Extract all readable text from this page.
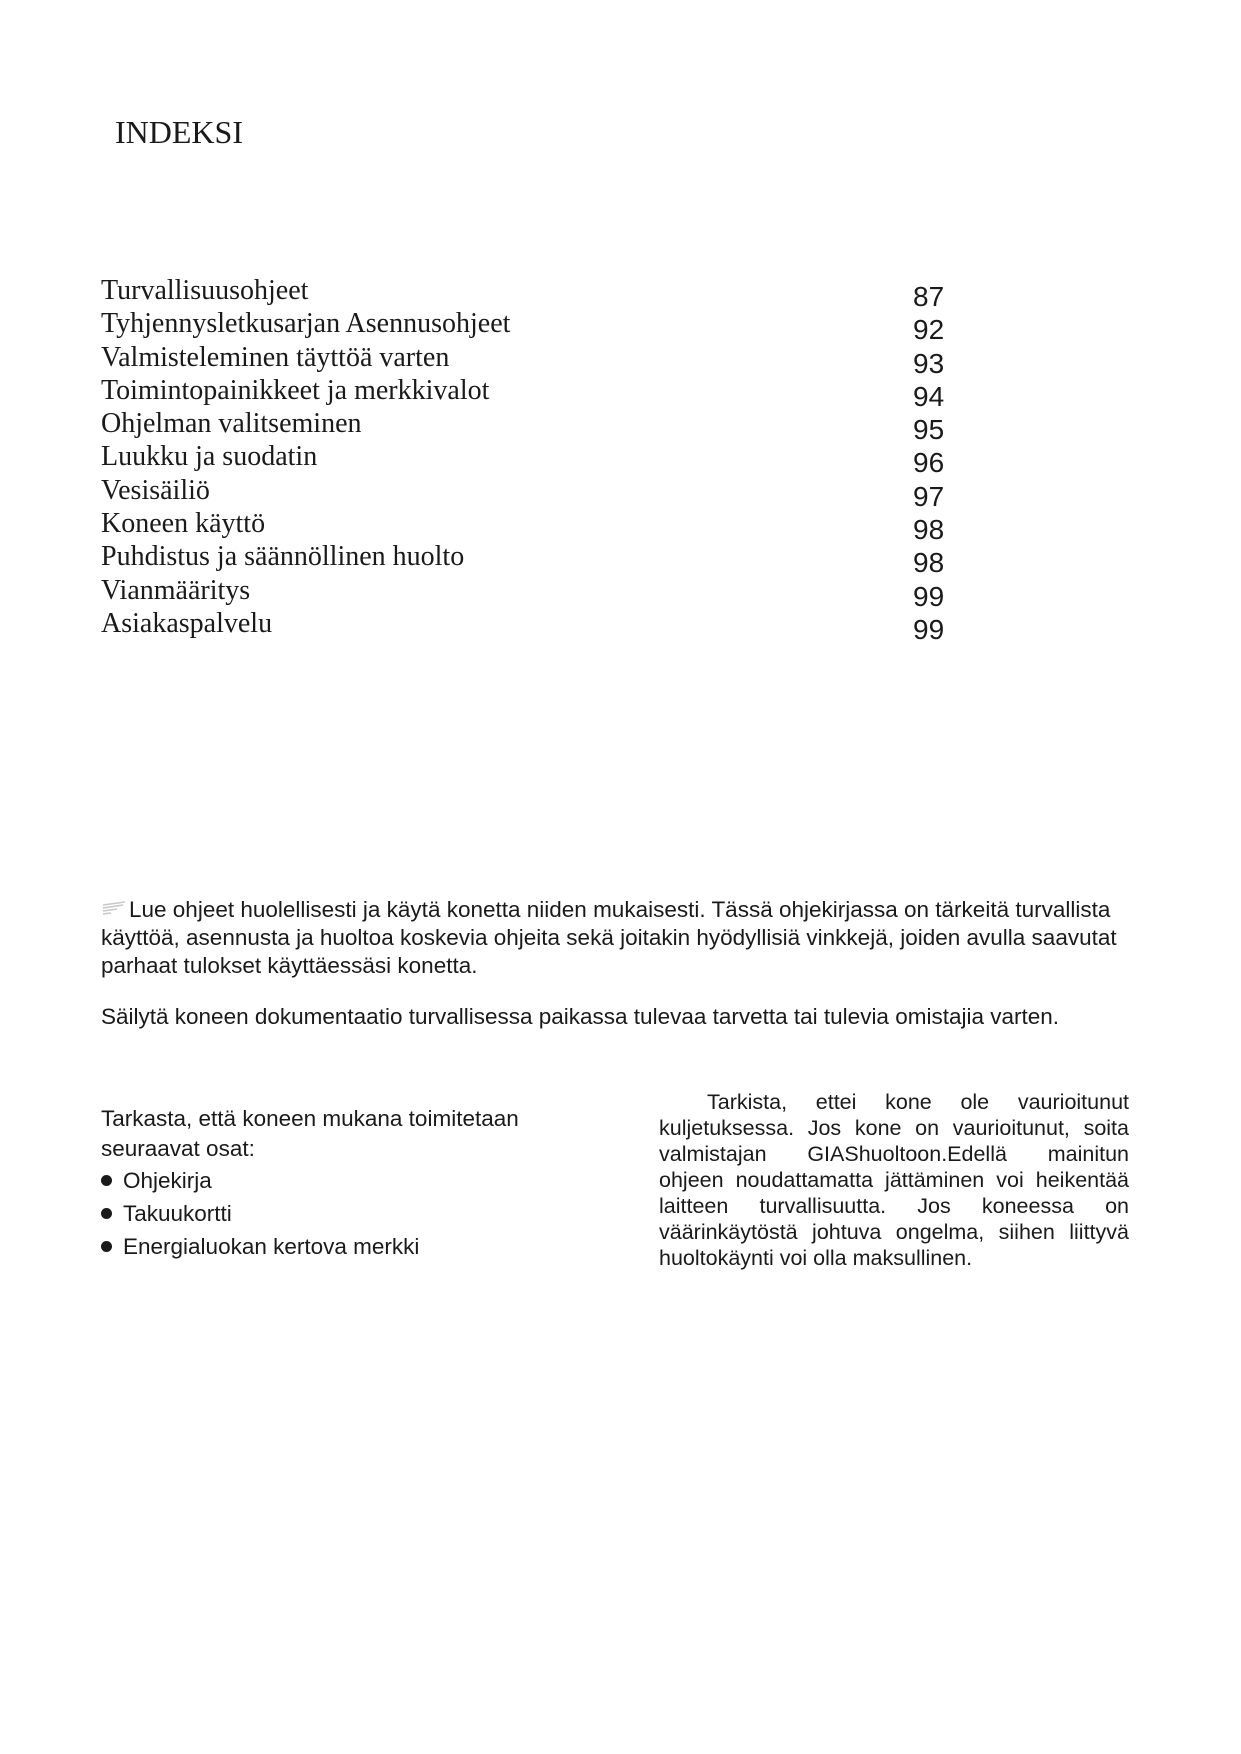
INDEKSI
Turvallisuusohjeet	87
Tyhjennysletkusarjan Asennusohjeet	92
Valmisteleminen täyttöä varten	93
Toimintopainikkeet ja merkkivalot	94
Ohjelman valitseminen	95
Luukku ja suodatin	96
Vesisäiliö	97
Koneen käyttö	98
Puhdistus ja säännöllinen huolto	98
Vianmääritys	99
Asiakaspalvelu	99

Lue ohjeet huolellisesti ja käytä konetta niiden mukaisesti. Tässä ohjekirjassa on tärkeitä turvallista käyttöä, asennusta ja huoltoa koskevia ohjeita sekä joitakin hyödyllisiä vinkkejä, joiden avulla saavutat parhaat tulokset käyttäessäsi konetta.

Säilytä koneen dokumentaatio turvallisessa paikassa tulevaa tarvetta tai tulevia omistajia varten.

Tarkasta, että koneen mukana toimitetaan seuraavat osat:

Ohjekirja
Takuukortti
Energialuokan kertova merkki

Tarkista, ettei kone ole vaurioitunut kuljetuksessa. Jos kone on vaurioitunut, soita valmistajan GIAShuoltoon.Edellä mainitun ohjeen noudattamatta jättäminen voi heikentää laitteen turvallisuutta. Jos koneessa on väärinkäytöstä johtuva ongelma, siihen liittyvä huoltokäynti voi olla maksullinen.
